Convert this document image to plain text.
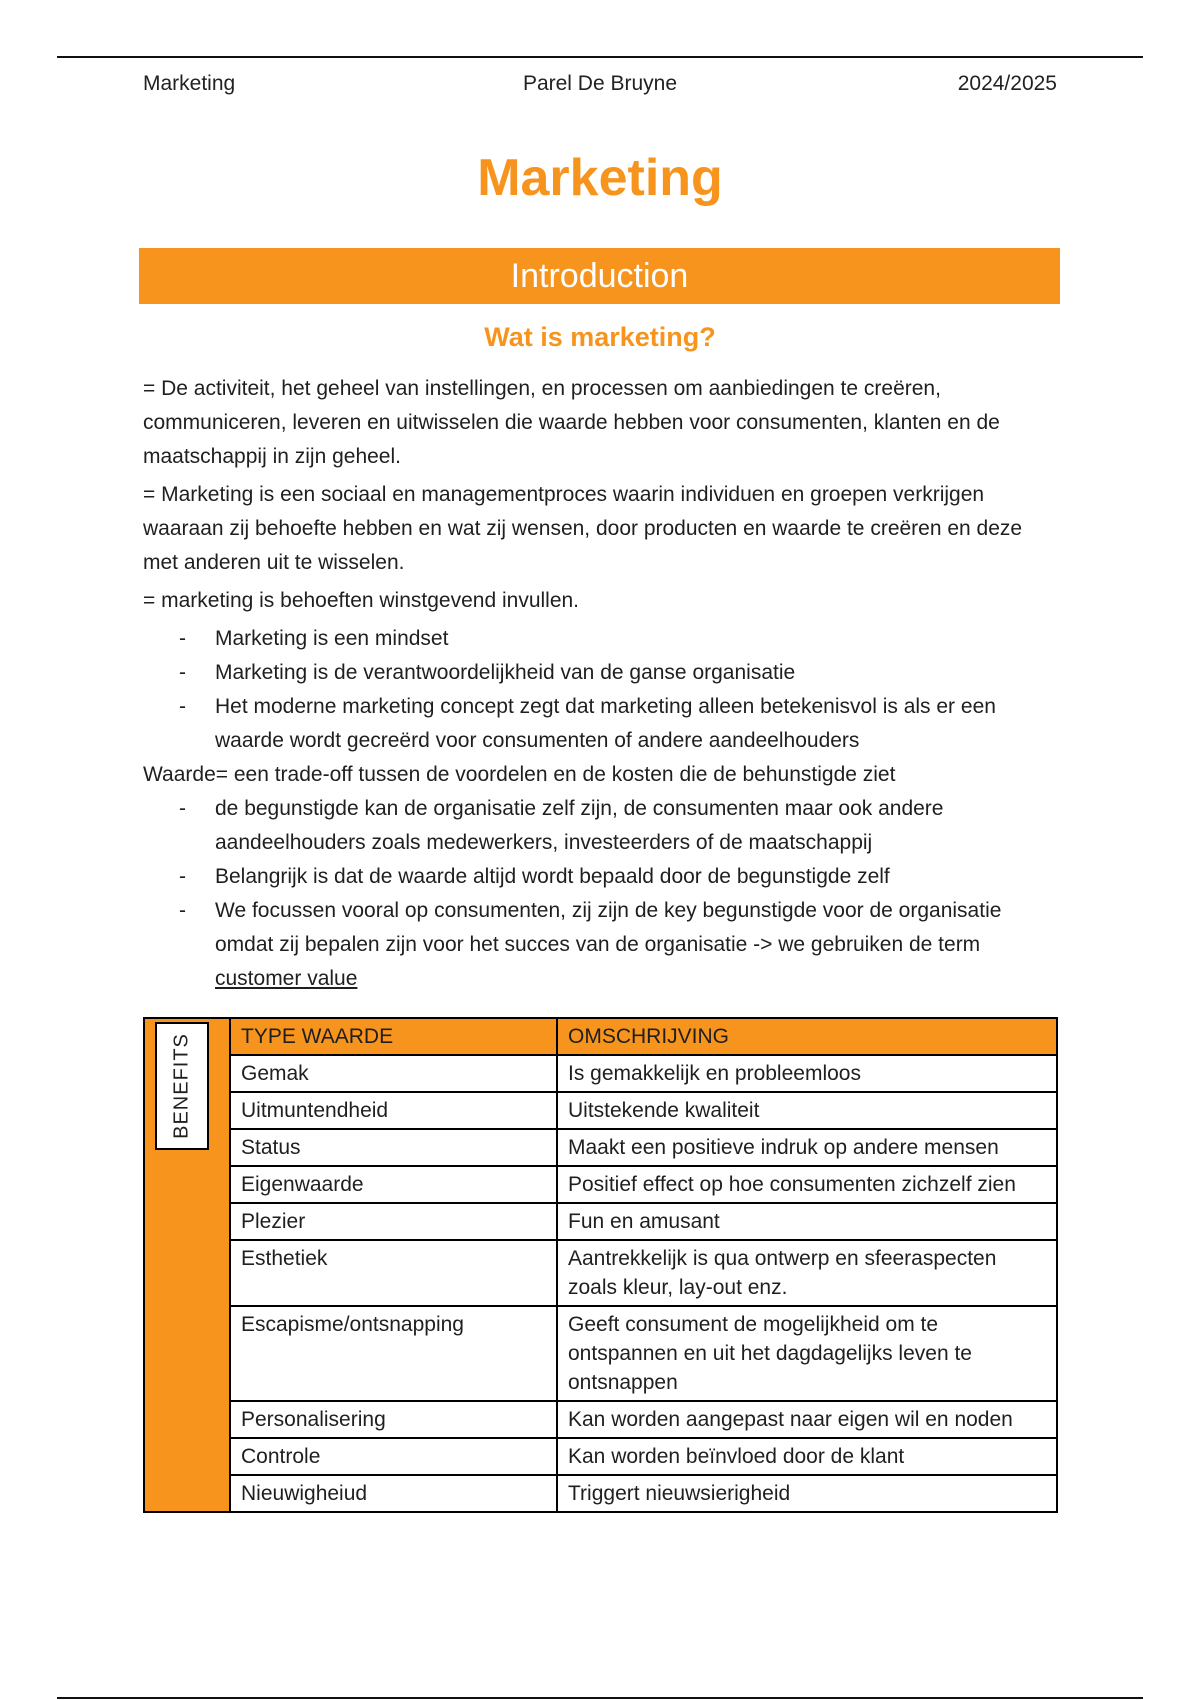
Marketing	Parel De Bruyne	2024/2025
Marketing
Introduction
Wat is marketing?

= De activiteit, het geheel van instellingen, en processen om aanbiedingen te creëren, communiceren, leveren en uitwisselen die waarde hebben voor consumenten, klanten en de maatschappij in zijn geheel.

= Marketing is een sociaal en managementproces waarin individuen en groepen verkrijgen waaraan zij behoefte hebben en wat zij wensen, door producten en waarde te creëren en deze met anderen uit te wisselen.

= marketing is behoeften winstgevend invullen.

- Marketing is een mindset
- Marketing is de verantwoordelijkheid van de ganse organisatie
- Het moderne marketing concept zegt dat marketing alleen betekenisvol is als er een waarde wordt gecreërd voor consumenten of andere aandeelhouders

Waarde= een trade-off tussen de voordelen en de kosten die de behunstigde ziet

- de begunstigde kan de organisatie zelf zijn, de consumenten maar ook andere aandeelhouders zoals medewerkers, investeerders of de maatschappij
- Belangrijk is dat de waarde altijd wordt bepaald door de begunstigde zelf
- We focussen vooral op consumenten, zij zijn de key begunstigde voor de organisatie omdat zij bepalen zijn voor het succes van de organisatie -> we gebruiken de term customer value
BENEFITS	TYPE WAARDE	OMSCHRIJVING
	Gemak	Is gemakkelijk en probleemloos
	Uitmuntendheid	Uitstekende kwaliteit
	Status	Maakt een positieve indruk op andere mensen
	Eigenwaarde	Positief effect op hoe consumenten zichzelf zien
	Plezier	Fun en amusant
	Esthetiek	Aantrekkelijk is qua ontwerp en sfeeraspecten zoals kleur, lay-out enz.
	Escapisme/ontsnapping	Geeft consument de mogelijkheid om te ontspannen en uit het dagdagelijks leven te ontsnappen
	Personalisering	Kan worden aangepast naar eigen wil en noden
	Controle	Kan worden beïnvloed door de klant
	Nieuwigheiud	Triggert nieuwsierigheid
